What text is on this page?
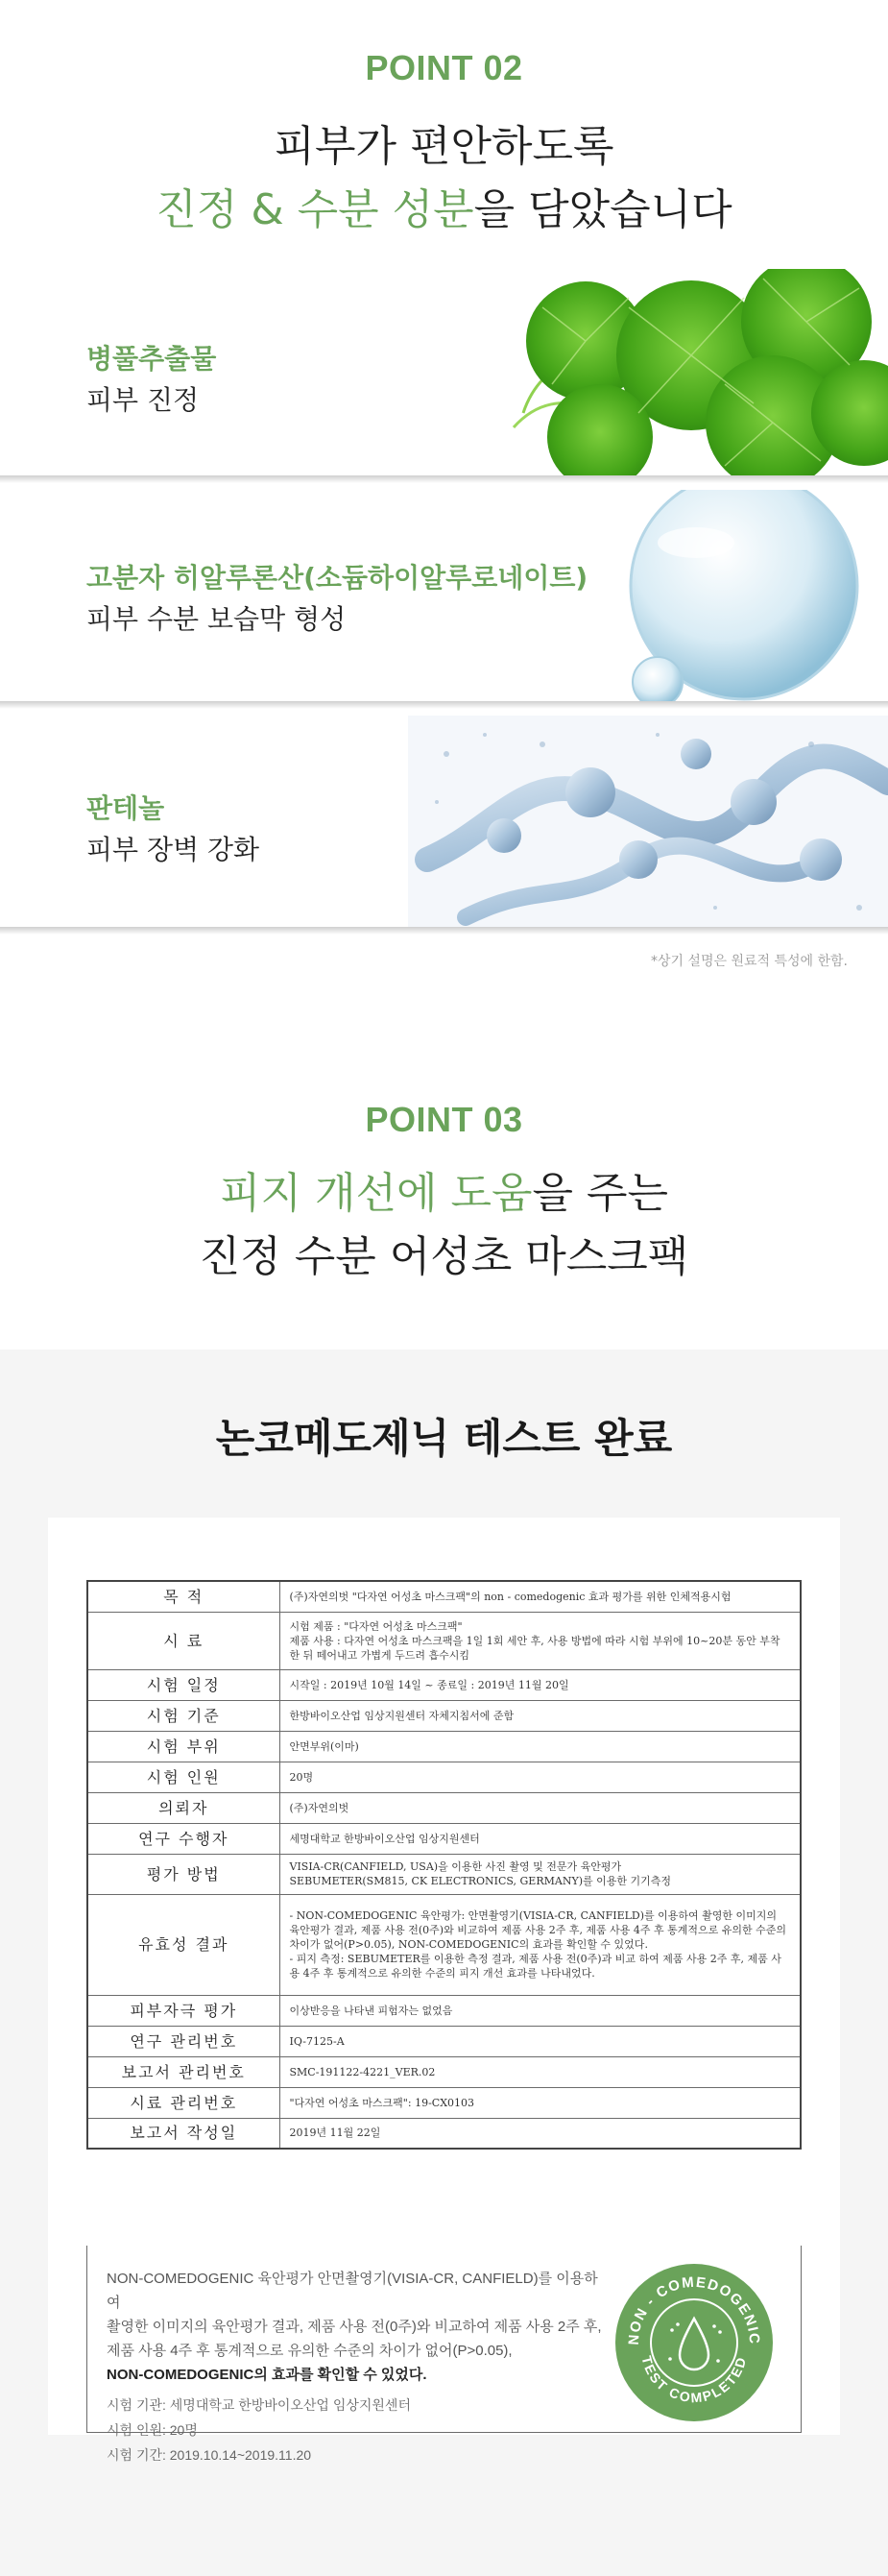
POINT 02
피부가 편안하도록
진정 & 수분 성분을 담았습니다
병풀추출물
피부 진정
고분자 히알루론산(소듐하이알루로네이트)
피부 수분 보습막 형성
판테놀
피부 장벽 강화
*상기 설명은 원료적 특성에 한함.
POINT 03
피지 개선에 도움을 주는
진정 수분 어성초 마스크팩
논코메도제닉 테스트 완료
목 적	(주)자연의벗 "다자연 어성초 마스크팩"의 non - comedogenic 효과 평가를 위한 인체적용시험
시 료	시험 제품 : "다자연 어성초 마스크팩"
제품 사용 : 다자연 어성초 마스크팩을 1일 1회 세안 후, 사용 방법에 따라 시험 부위에 10~20분 동안 부착한 뒤 떼어내고 가볍게 두드려 흡수시킴
시험 일정	시작일 : 2019년 10월 14일 ~ 종료일 : 2019년 11월 20일
시험 기준	한방바이오산업 임상지원센터 자체지침서에 준함
시험 부위	안면부위(이마)
시험 인원	20명
의뢰자	(주)자연의벗
연구 수행자	세명대학교 한방바이오산업 임상지원센터
평가 방법	VISIA-CR(CANFIELD, USA)을 이용한 사진 촬영 및 전문가 육안평가
SEBUMETER(SM815, CK ELECTRONICS, GERMANY)를 이용한 기기측정
유효성 결과	- NON-COMEDOGENIC 육안평가: 안면촬영기(VISIA-CR, CANFIELD)를 이용하여 촬영한 이미지의 육안평가 결과, 제품 사용 전(0주)와 비교하여 제품 사용 2주 후, 제품 사용 4주 후 통계적으로 유의한 수준의 차이가 없어(P>0.05), NON-COMEDOGENIC의 효과를 확인할 수 있었다.
- 피지 측정: SEBUMETER를 이용한 측정 결과, 제품 사용 전(0주)과 비교 하여 제품 사용 2주 후, 제품 사용 4주 후 통계적으로 유의한 수준의 피지 개선 효과를 나타내었다.
피부자극 평가	이상반응을 나타낸 피험자는 없었음
연구 관리번호	IQ-7125-A
보고서 관리번호	SMC-191122-4221_VER.02
시료 관리번호	"다자연 어성초 마스크팩": 19-CX0103
보고서 작성일	2019년 11월 22일

NON-COMEDOGENIC 육안평가 안면촬영기(VISIA-CR, CANFIELD)를 이용하여

촬영한 이미지의 육안평가 결과, 제품 사용 전(0주)와 비교하여 제품 사용 2주 후,

제품 사용 4주 후 통계적으로 유의한 수준의 차이가 없어(P>0.05),

NON-COMEDOGENIC의 효과를 확인할 수 있었다.

시험 기관: 세명대학교 한방바이오산업 임상지원센터
시험 인원: 20명
시험 기간: 2019.10.14~2019.11.20
NON - COMEDOGENIC
TEST COMPLETED
